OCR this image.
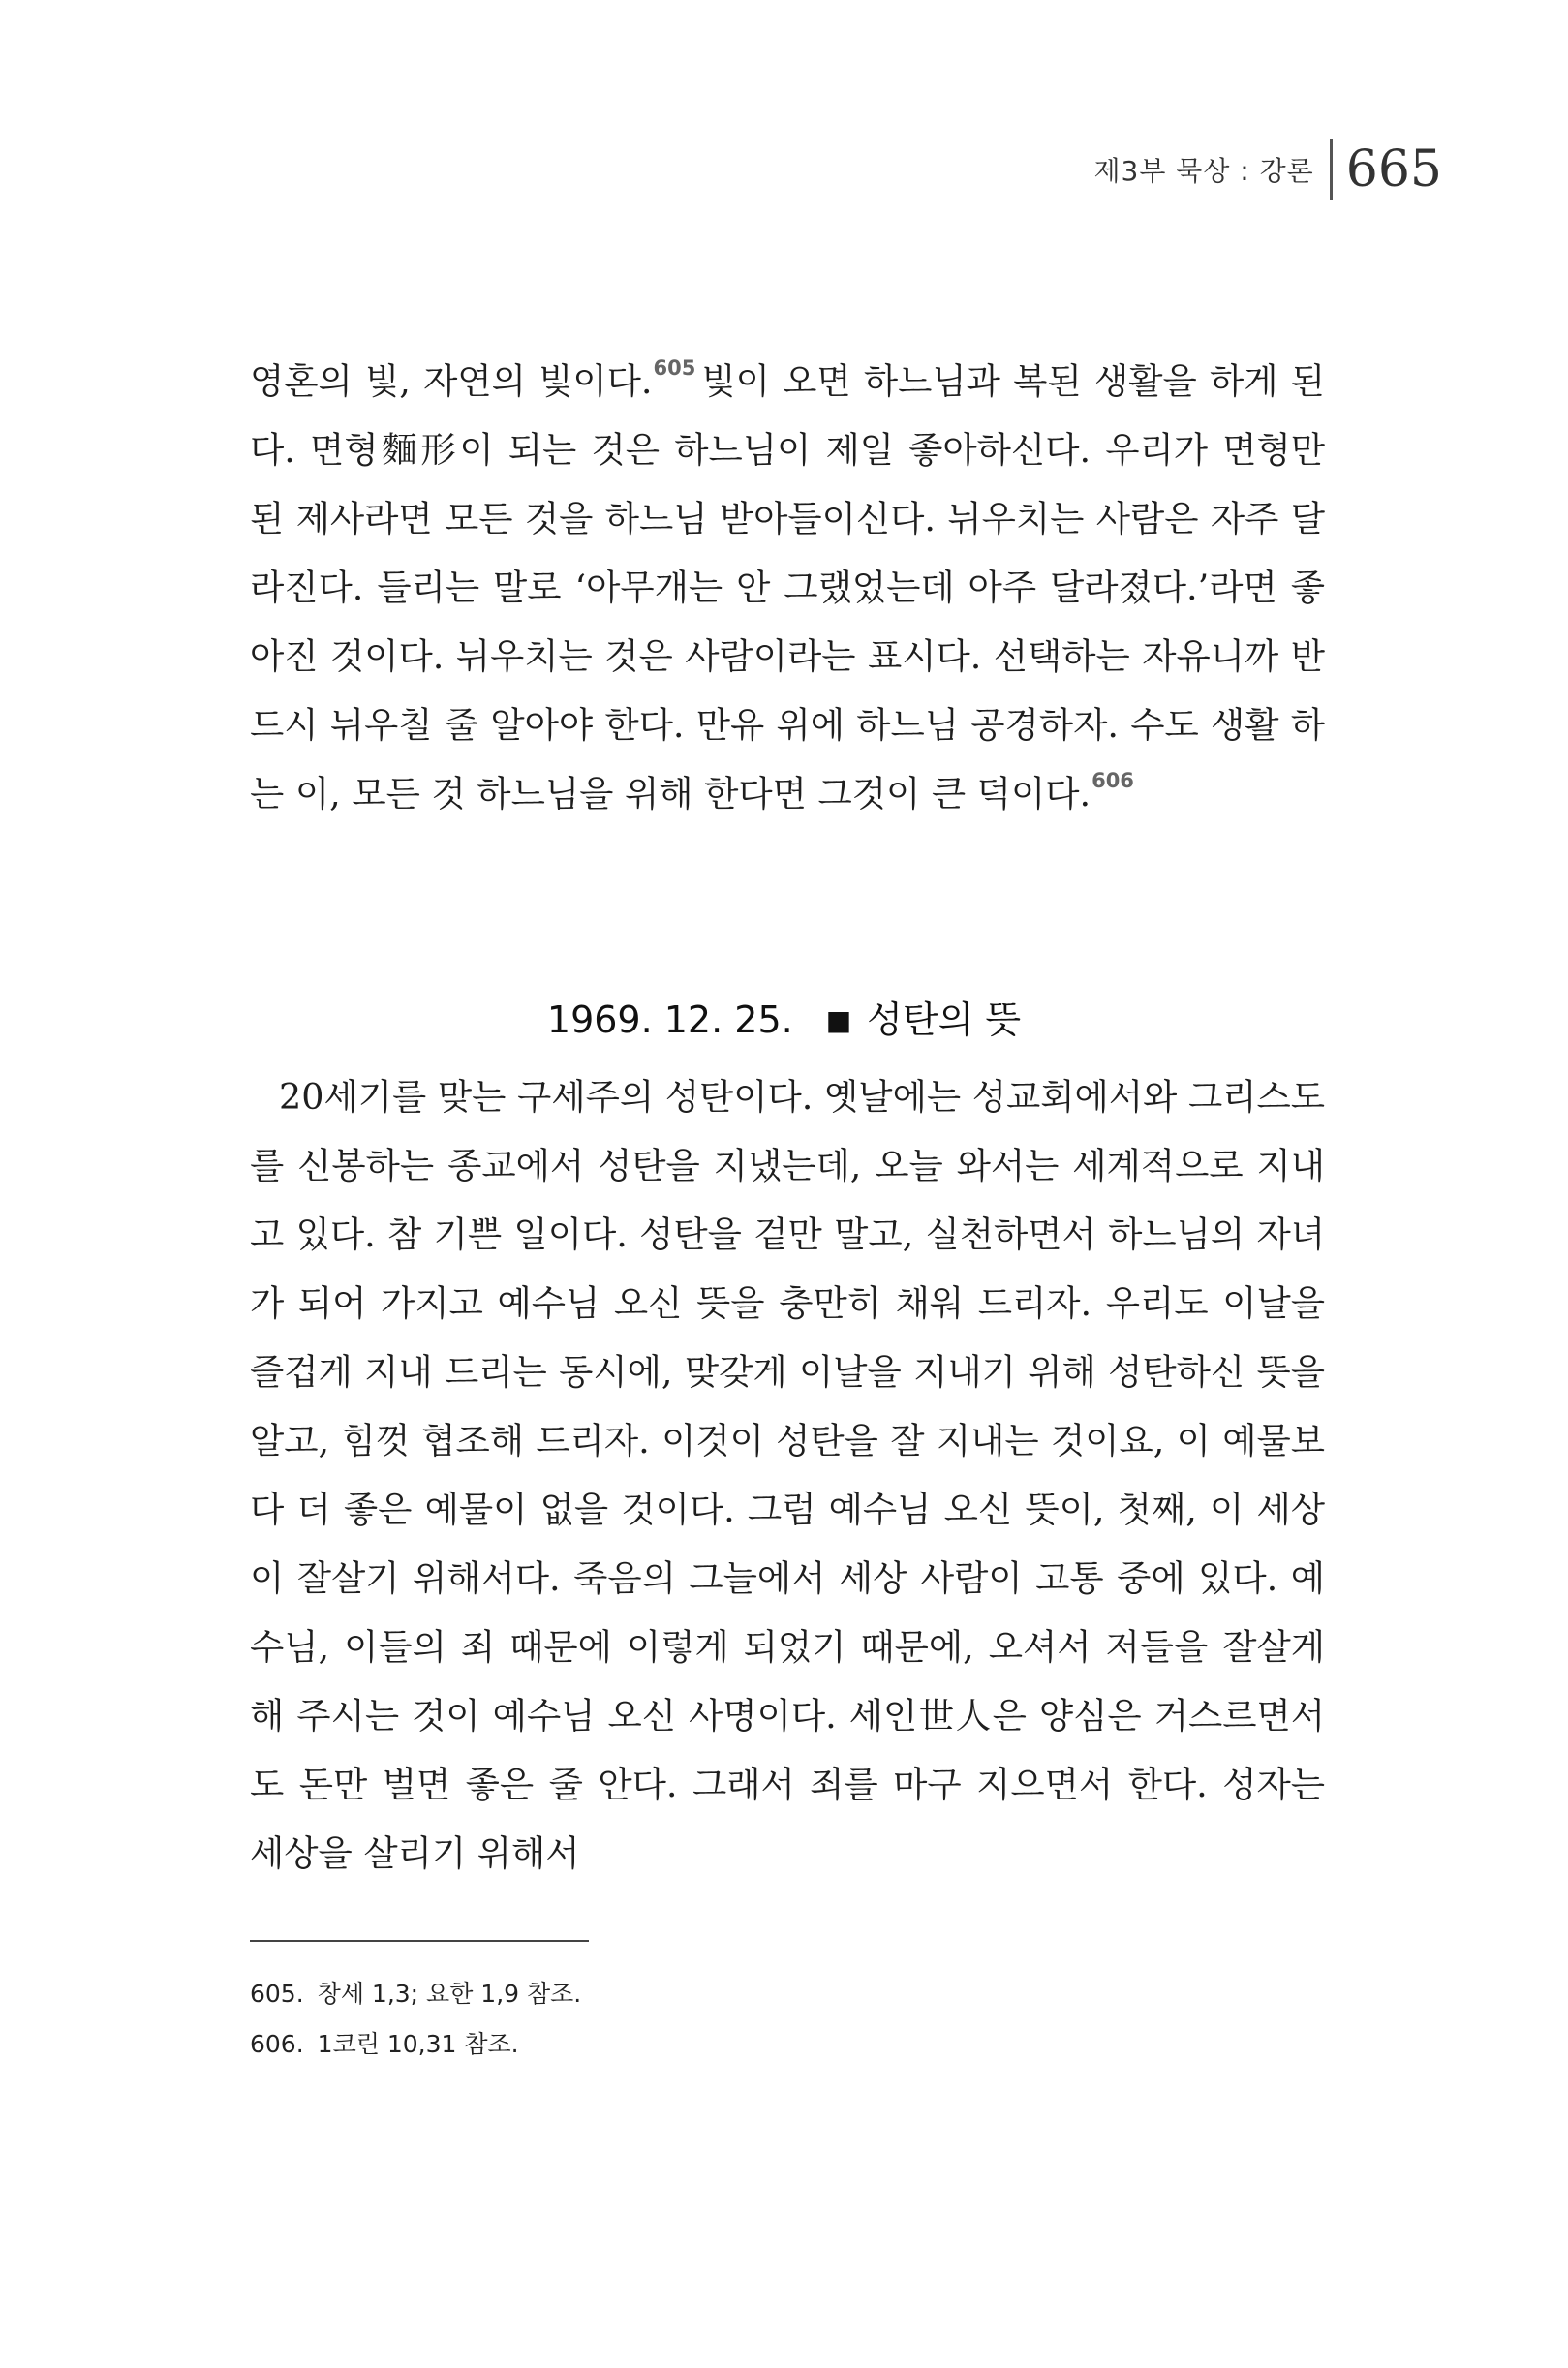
제3부 묵상 : 강론 665
영혼의 빛, 자연의 빛이다.$^{605}$ 빛이 오면 하느님과 복된 생활을 하게 된다. 면형麵形이 되는 것은 하느님이 제일 좋아하신다. 우리가 면형만 된 제사라면 모든 것을 하느님 받아들이신다. 뉘우치는 사람은 자주 달라진다. 들리는 말로 ‘아무개는 안 그랬었는데 아주 달라졌다.’라면 좋아진 것이다. 뉘우치는 것은 사람이라는 표시다. 선택하는 자유니까 반드시 뉘우칠 줄 알아야 한다. 만유 위에 하느님 공경하자. 수도 생활 하는 이, 모든 것 하느님을 위해 한다면 그것이 큰 덕이다.$^{606}$
1969. 12. 25. ■ 성탄의 뜻
20세기를 맞는 구세주의 성탄이다. 옛날에는 성교회에서와 그리스도를 신봉하는 종교에서 성탄을 지냈는데, 오늘 와서는 세계적으로 지내고 있다. 참 기쁜 일이다. 성탄을 겉만 말고, 실천하면서 하느님의 자녀가 되어 가지고 예수님 오신 뜻을 충만히 채워 드리자. 우리도 이날을 즐겁게 지내 드리는 동시에, 맞갖게 이날을 지내기 위해 성탄하신 뜻을 알고, 힘껏 협조해 드리자. 이것이 성탄을 잘 지내는 것이요, 이 예물보다 더 좋은 예물이 없을 것이다. 그럼 예수님 오신 뜻이, 첫째, 이 세상이 잘살기 위해서다. 죽음의 그늘에서 세상 사람이 고통 중에 있다. 예수님, 이들의 죄 때문에 이렇게 되었기 때문에, 오셔서 저들을 잘살게 해 주시는 것이 예수님 오신 사명이다. 세인世人은 양심은 거스르면서도 돈만 벌면 좋은 줄 안다. 그래서 죄를 마구 지으면서 한다. 성자는 세상을 살리기 위해서
605. 창세 1,3; 요한 1,9 참조.
606. 1코린 10,31 참조.
